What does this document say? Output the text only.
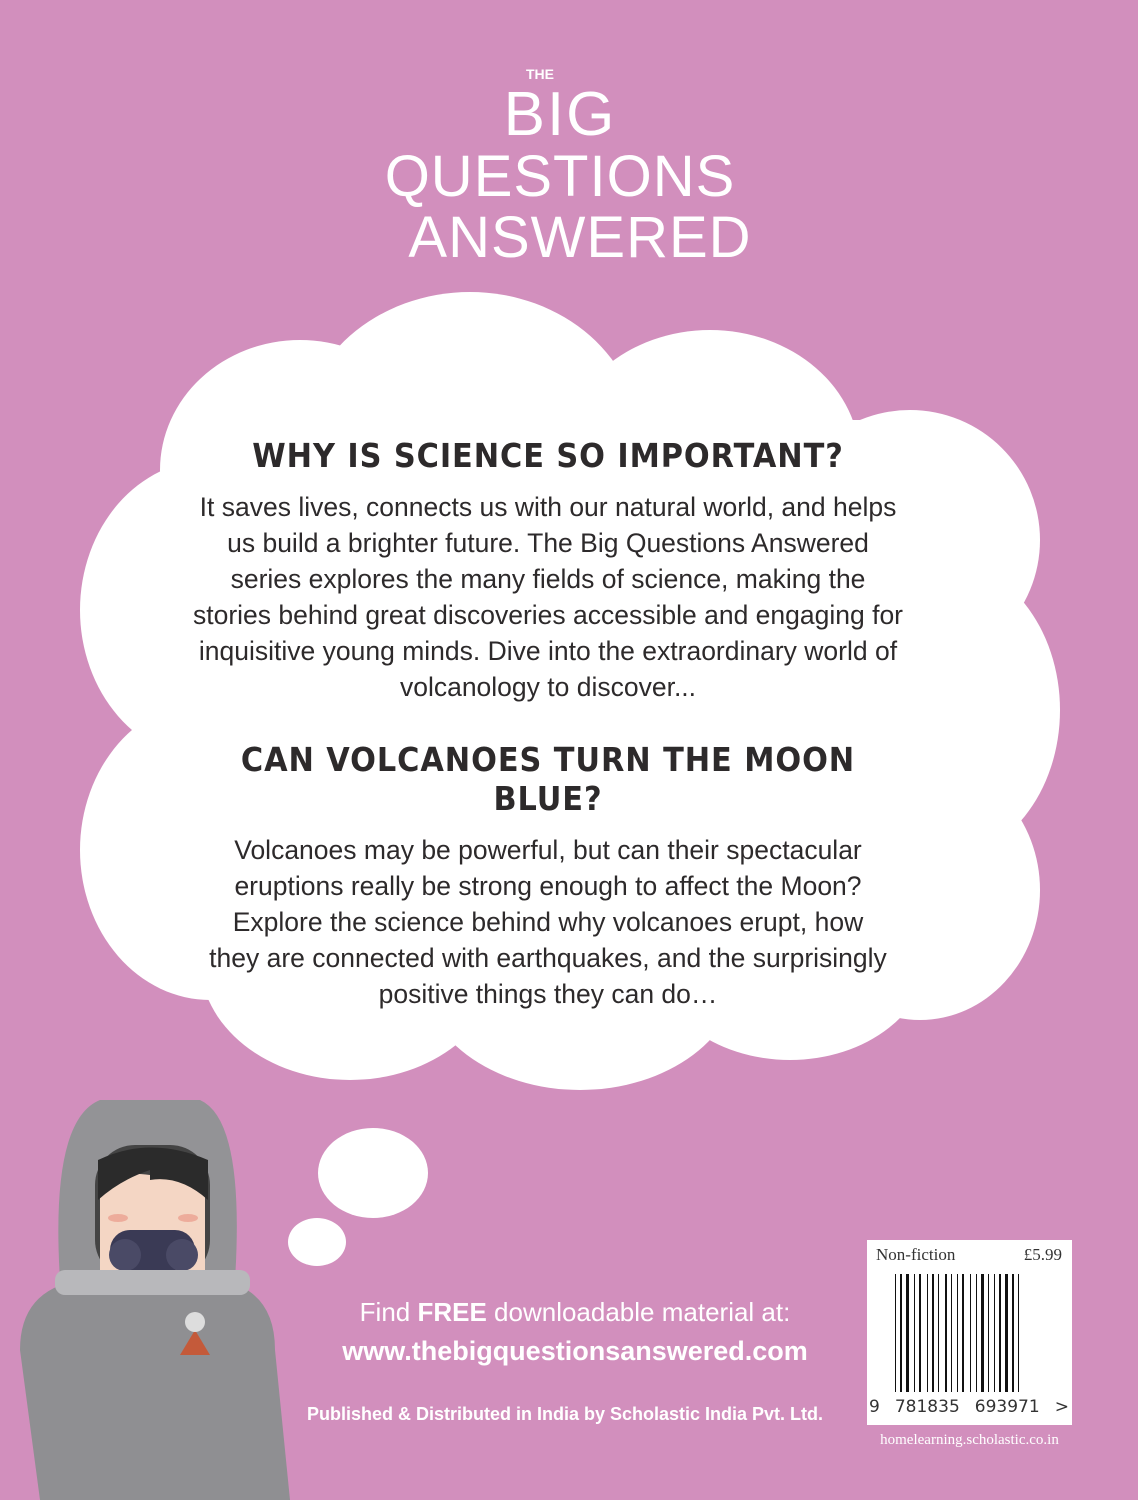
THE
BIG
QUESTIONS
ANSWERED
WHY IS SCIENCE SO IMPORTANT?

It saves lives, connects us with our natural world, and helps

us build a brighter future. The Big Questions Answered

series explores the many fields of science, making the

stories behind great discoveries accessible and engaging for

inquisitive young minds. Dive into the extraordinary world of

volcanology to discover...

CAN VOLCANOES TURN THE MOON BLUE?

Volcanoes may be powerful, but can their spectacular

eruptions really be strong enough to affect the Moon?

Explore the science behind why volcanoes erupt, how

they are connected with earthquakes, and the surprisingly

positive things they can do…

Find FREE downloadable material at:
www.thebigquestionsanswered.com
Published & Distributed in India by Scholastic India Pvt. Ltd.
Non-fiction	£5.99
9 781835 693971 >
homelearning.scholastic.co.in
